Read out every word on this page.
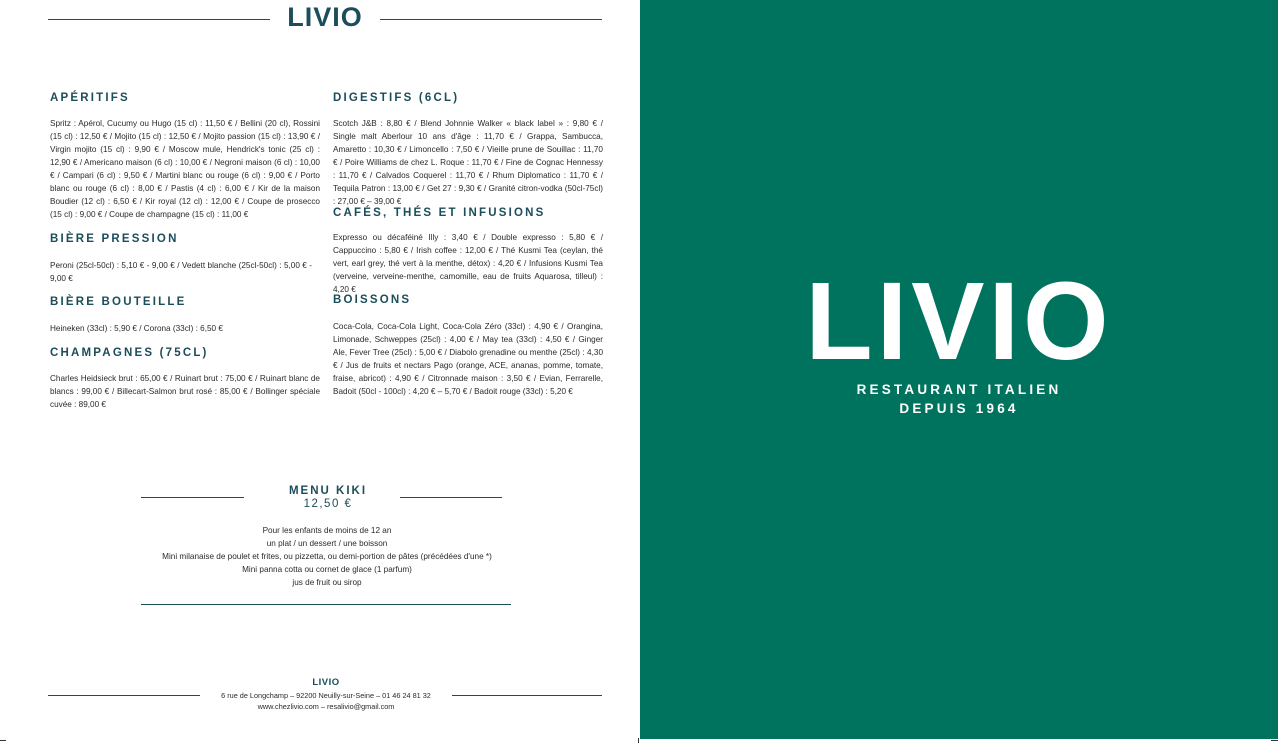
LIVIO
APÉRITIFS
Spritz : Apérol, Cucumy ou Hugo (15 cl) : 11,50 € / Bellini (20 cl), Rossini (15 cl) : 12,50 € / Mojito (15 cl) : 12,50 € / Mojito passion (15 cl) : 13,90 € / Virgin mojito (15 cl) : 9,90 € / Moscow mule, Hendrick's tonic (25 cl) : 12,90 € / Americano maison (6 cl) : 10,00 € / Negroni maison (6 cl) : 10,00 € / Campari (6 cl) : 9,50 € / Martini blanc ou rouge (6 cl) : 9,00 € / Porto blanc ou rouge (6 cl) : 8,00 € / Pastis (4 cl) : 6,00 € / Kir de la maison Boudier (12 cl) : 6,50 € / Kir royal (12 cl) : 12,00 € / Coupe de prosecco (15 cl) : 9,00 € / Coupe de champagne (15 cl) : 11,00 €
BIÈRE PRESSION
Peroni (25cl-50cl) : 5,10 € - 9,00 € / Vedett blanche (25cl-50cl) : 5,00 € - 9,00 €
BIÈRE BOUTEILLE
Heineken (33cl) : 5,90 € / Corona (33cl) : 6,50 €
CHAMPAGNES (75CL)
Charles Heidsieck brut : 65,00 € / Ruinart brut : 75,00 € / Ruinart blanc de blancs : 99,00 € / Billecart-Salmon brut rosé : 85,00 € / Bollinger spéciale cuvée : 89,00 €
DIGESTIFS (6CL)
Scotch J&B : 8,80 € / Blend Johnnie Walker « black label » : 9,80 € / Single malt Aberlour 10 ans d'âge : 11,70 € / Grappa, Sambucca, Amaretto : 10,30 € / Limoncello : 7,50 € / Vieille prune de Souillac : 11,70 € / Poire Williams de chez L. Roque : 11,70 € / Fine de Cognac Hennessy : 11,70 € / Calvados Coquerel : 11,70 € / Rhum Diplomatico : 11,70 € / Tequila Patron : 13,00 € / Get 27 : 9,30 € / Granité citron-vodka (50cl-75cl) : 27,00 € – 39,00 €
CAFÉS, THÉS ET INFUSIONS
Expresso ou décaféiné Illy : 3,40 € / Double expresso : 5,80 € / Cappuccino : 5,80 € / Irish coffee : 12,00 € / Thé Kusmi Tea (ceylan, thé vert, earl grey, thé vert à la menthe, détox) : 4,20 € / Infusions Kusmi Tea (verveine, verveine-menthe, camomille, eau de fruits Aquarosa, tilleul) : 4,20 €
BOISSONS
Coca-Cola, Coca-Cola Light, Coca-Cola Zéro (33cl) : 4,90 € / Orangina, Limonade, Schweppes (25cl) : 4,00 € / May tea (33cl) : 4,50 € / Ginger Ale, Fever Tree (25cl) : 5,00 € / Diabolo grenadine ou menthe (25cl) : 4,30 € / Jus de fruits et nectars Pago (orange, ACE, ananas, pomme, tomate, fraise, abricot) : 4,90 € / Citronnade maison : 3,50 € / Evian, Ferrarelle, Badoit (50cl - 100cl) : 4,20 € – 5,70 € / Badoit rouge (33cl) : 5,20 €
MENU KIKI
12,50 €
Pour les enfants de moins de 12 an
un plat / un dessert / une boisson
Mini milanaise de poulet et frites, ou pizzetta, ou demi-portion de pâtes (précédées d'une *)
Mini panna cotta ou cornet de glace (1 parfum)
jus de fruit ou sirop
LIVIO
6 rue de Longchamp – 92200 Neuilly-sur-Seine – 01 46 24 81 32
www.chezlivio.com – resalivio@gmail.com
LIVIO
RESTAURANT ITALIEN
DEPUIS 1964
